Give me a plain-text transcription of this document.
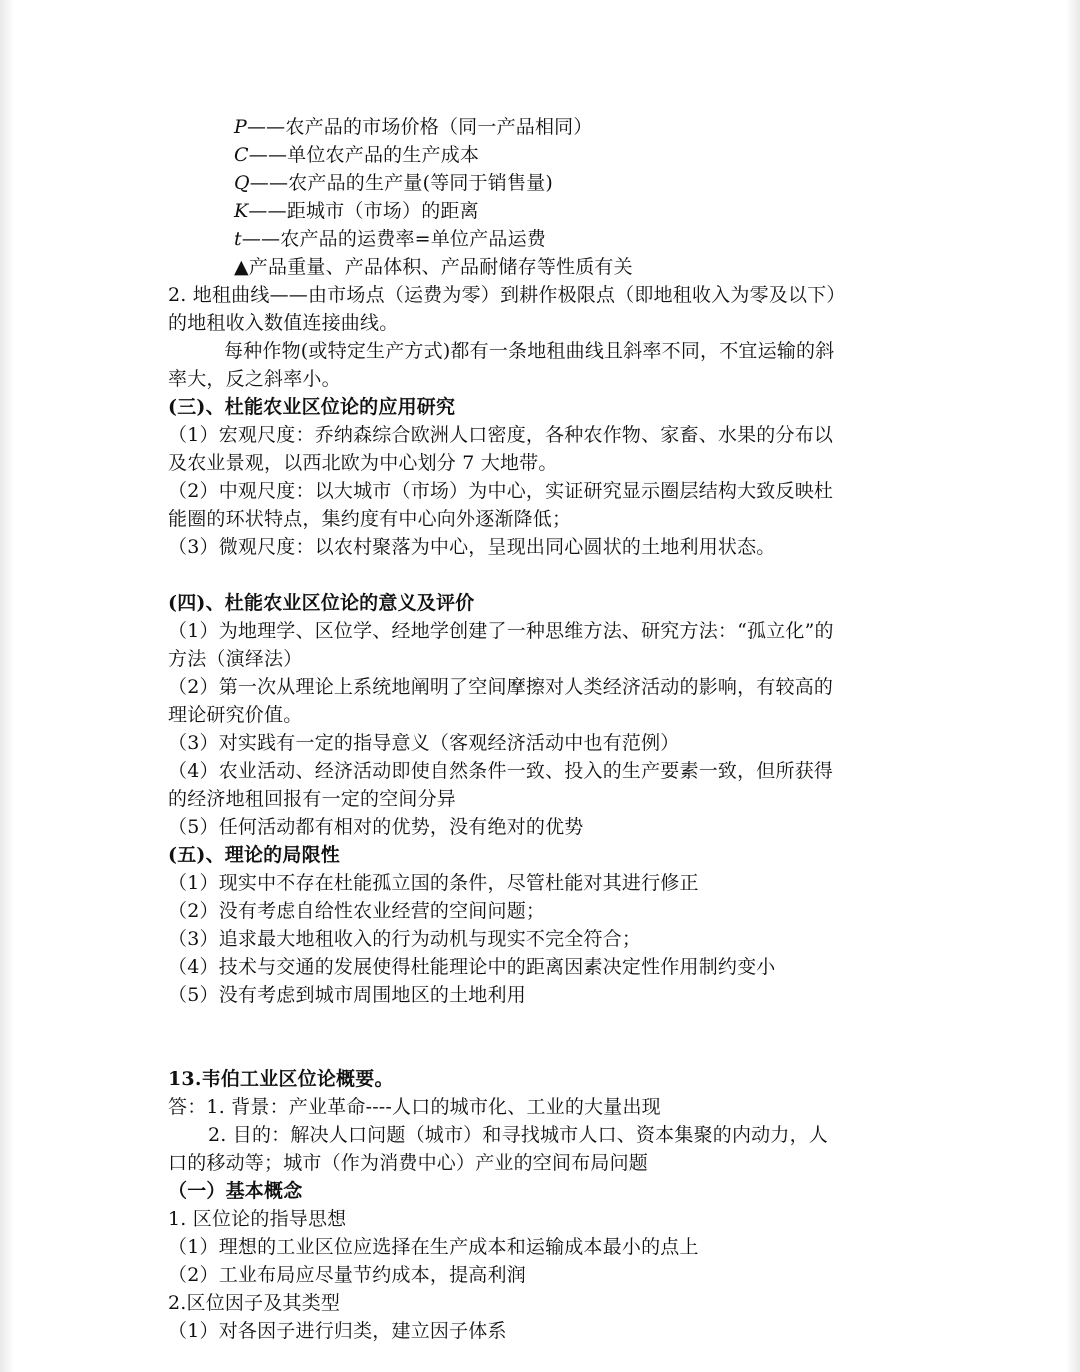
P——农产品的市场价格（同一产品相同）
C——单位农产品的生产成本
Q——农产品的生产量(等同于销售量)
K——距城市（市场）的距离
t——农产品的运费率=单位产品运费
▲产品重量、产品体积、产品耐储存等性质有关
2. 地租曲线——由市场点（运费为零）到耕作极限点（即地租收入为零及以下）
的地租收入数值连接曲线。
每种作物(或特定生产方式)都有一条地租曲线且斜率不同，不宜运输的斜
率大，反之斜率小。
(三)、杜能农业区位论的应用研究
（1）宏观尺度：乔纳森综合欧洲人口密度，各种农作物、家畜、水果的分布以
及农业景观，以西北欧为中心划分 7 大地带。
（2）中观尺度：以大城市（市场）为中心，实证研究显示圈层结构大致反映杜
能圈的环状特点，集约度有中心向外逐渐降低；
（3）微观尺度：以农村聚落为中心，呈现出同心圆状的土地利用状态。
(四)、杜能农业区位论的意义及评价
（1）为地理学、区位学、经地学创建了一种思维方法、研究方法：“孤立化”的
方法（演绎法）
（2）第一次从理论上系统地阐明了空间摩擦对人类经济活动的影响，有较高的
理论研究价值。
（3）对实践有一定的指导意义（客观经济活动中也有范例）
（4）农业活动、经济活动即使自然条件一致、投入的生产要素一致，但所获得
的经济地租回报有一定的空间分异
（5）任何活动都有相对的优势，没有绝对的优势
(五)、理论的局限性
（1）现实中不存在杜能孤立国的条件，尽管杜能对其进行修正
（2）没有考虑自给性农业经营的空间问题；
（3）追求最大地租收入的行为动机与现实不完全符合；
（4）技术与交通的发展使得杜能理论中的距离因素决定性作用制约变小
（5）没有考虑到城市周围地区的土地利用
13.韦伯工业区位论概要。
答：1. 背景：产业革命----人口的城市化、工业的大量出现
2. 目的：解决人口问题（城市）和寻找城市人口、资本集聚的内动力，人
口的移动等；城市（作为消费中心）产业的空间布局问题
（一）基本概念
1. 区位论的指导思想
（1）理想的工业区位应选择在生产成本和运输成本最小的点上
（2）工业布局应尽量节约成本，提高利润
2.区位因子及其类型
（1）对各因子进行归类，建立因子体系
